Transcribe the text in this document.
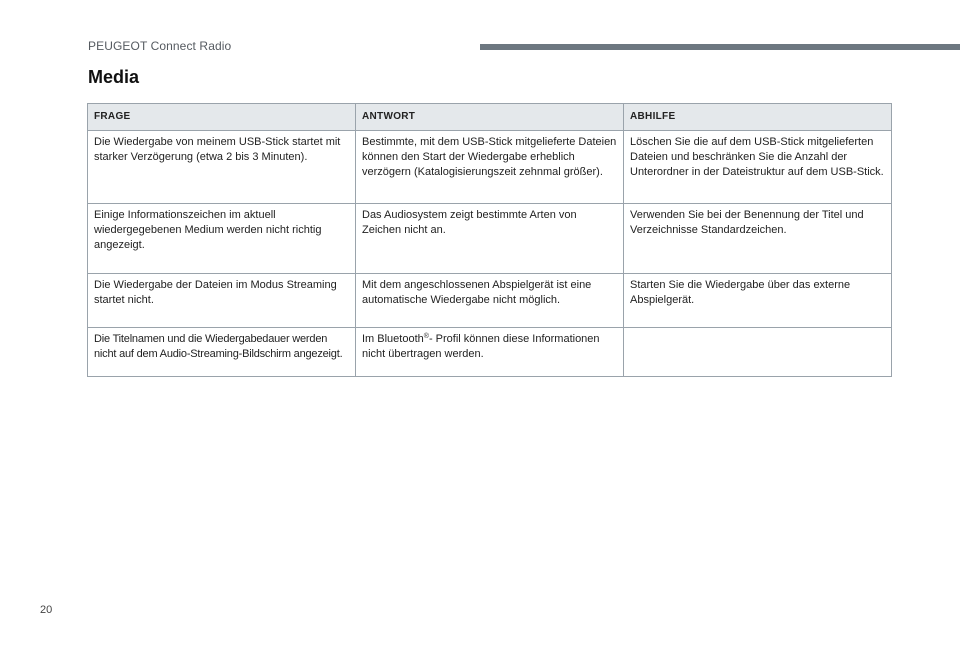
PEUGEOT Connect Radio
Media
FRAGE	ANTWORT	ABHILFE
Die Wiedergabe von meinem USB-Stick startet mit starker Verzögerung (etwa 2 bis 3 Minuten).	Bestimmte, mit dem USB-Stick mitgelieferte Dateien können den Start der Wiedergabe erheblich verzögern (Katalogisierungszeit zehnmal größer).	Löschen Sie die auf dem USB-Stick mitgelieferten Dateien und beschränken Sie die Anzahl der Unterordner in der Dateistruktur auf dem USB-Stick.
Einige Informationszeichen im aktuell wiedergegebenen Medium werden nicht richtig angezeigt.	Das Audiosystem zeigt bestimmte Arten von Zeichen nicht an.	Verwenden Sie bei der Benennung der Titel und Verzeichnisse Standardzeichen.
Die Wiedergabe der Dateien im Modus Streaming startet nicht.	Mit dem angeschlossenen Abspielgerät ist eine automatische Wiedergabe nicht möglich.	Starten Sie die Wiedergabe über das externe Abspielgerät.
Die Titelnamen und die Wiedergabedauer werden nicht auf dem Audio-Streaming-Bildschirm angezeigt.	Im Bluetooth®- Profil können diese Informationen nicht übertragen werden.	
20
